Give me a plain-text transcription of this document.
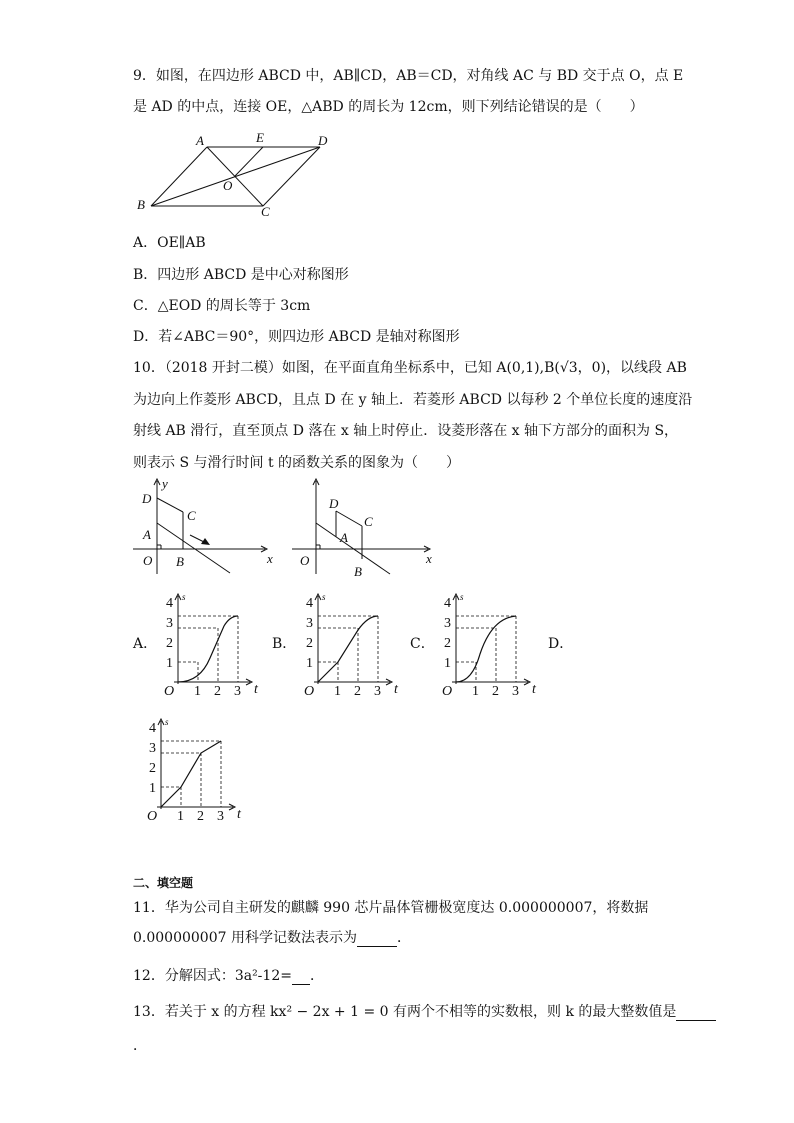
9．如图，在四边形 ABCD 中，AB∥CD，AB＝CD，对角线 AC 与 BD 交于点 O，点 E
是 AD 的中点，连接 OE，△ABD 的周长为 12cm，则下列结论错误的是（　　）
A	E	D
O
B	C
A．OE∥AB
B．四边形 ABCD 是中心对称图形
C．△EOD 的周长等于 3cm
D．若∠ABC＝90°，则四边形 ABCD 是轴对称图形
10．（2018 开封二模）如图，在平面直角坐标系中，已知 A(0,1),B(√3，0)，以线段 AB
为边向上作菱形 ABCD，且点 D 在 y 轴上．若菱形 ABCD 以每秒 2 个单位长度的速度沿
射线 AB 滑行，直至顶点 D 落在 x 轴上时停止．设菱形落在 x 轴下方部分的面积为 S，
则表示 S 与滑行时间 t 的函数关系的图象为（　　）
D
y
C
A
O B	x
D
C
A
O
B
x
A．	B．	C．	D．
O 1 2 3
1
2
3
4
t
s
O 1 2 3
1
2
3
4
t
s
O 1 2 3
1
2
3
4
t
s
O 1 2 3
1
2
3
4
t
s
二、填空题
11．华为公司自主研发的麒麟 990 芯片晶体管栅极宽度达 0.000000007，将数据
0.000000007 用科学记数法表示为	．
12．分解因式：3a²-12= ．
13．若关于 x 的方程 kx² − 2x + 1 = 0 有两个不相等的实数根，则 k 的最大整数值是
．
